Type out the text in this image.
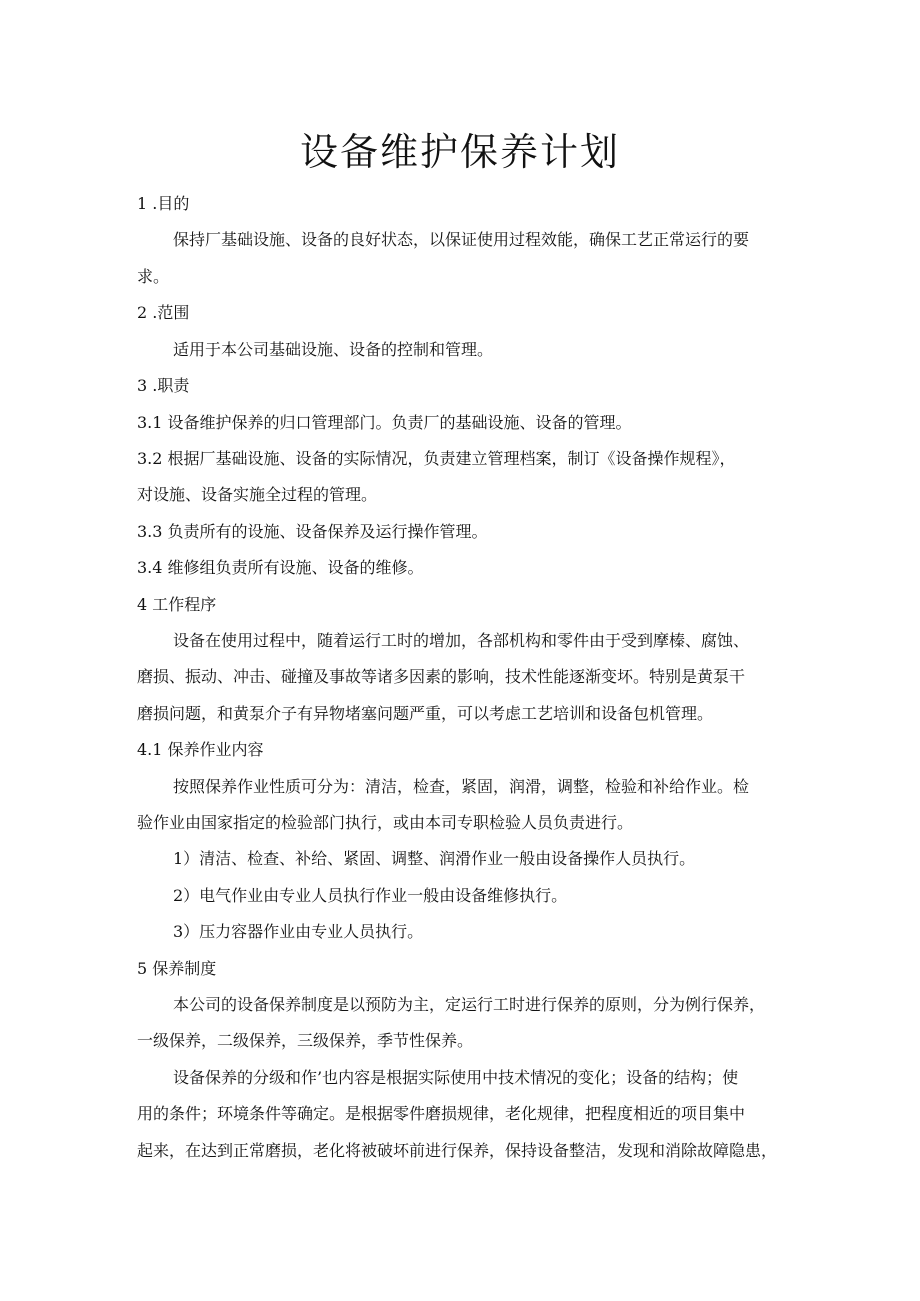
设备维护保养计划
1 .目的
保持厂基础设施、设备的良好状态，以保证使用过程效能，确保工艺正常运行的要
求。
2 .范围
适用于本公司基础设施、设备的控制和管理。
3 .职责
3.1 设备维护保养的归口管理部门。负责厂的基础设施、设备的管理。
3.2 根据厂基础设施、设备的实际情况，负责建立管理档案，制订《设备操作规程》，
对设施、设备实施全过程的管理。
3.3 负责所有的设施、设备保养及运行操作管理。
3.4 维修组负责所有设施、设备的维修。
4 工作程序
设备在使用过程中，随着运行工时的增加，各部机构和零件由于受到摩榛、腐蚀、
磨损、振动、冲击、碰撞及事故等诸多因素的影响，技术性能逐渐变坏。特别是黄泵干
磨损问题，和黄泵介子有异物堵塞问题严重，可以考虑工艺培训和设备包机管理。
4.1 保养作业内容
按照保养作业性质可分为：清洁，检查，紧固，润滑，调整，检验和补给作业。检
验作业由国家指定的检验部门执行，或由本司专职检验人员负责进行。
1）清洁、检查、补给、紧固、调整、润滑作业一般由设备操作人员执行。
2）电气作业由专业人员执行作业一般由设备维修执行。
3）压力容器作业由专业人员执行。
5 保养制度
本公司的设备保养制度是以预防为主，定运行工时进行保养的原则，分为例行保养，
一级保养，二级保养，三级保养，季节性保养。
设备保养的分级和作’也内容是根据实际使用中技术情况的变化；设备的结构；使
用的条件；环境条件等确定。是根据零件磨损规律，老化规律，把程度相近的项目集中
起来，在达到正常磨损，老化将被破坏前进行保养，保持设备整洁，发现和消除故障隐患，
